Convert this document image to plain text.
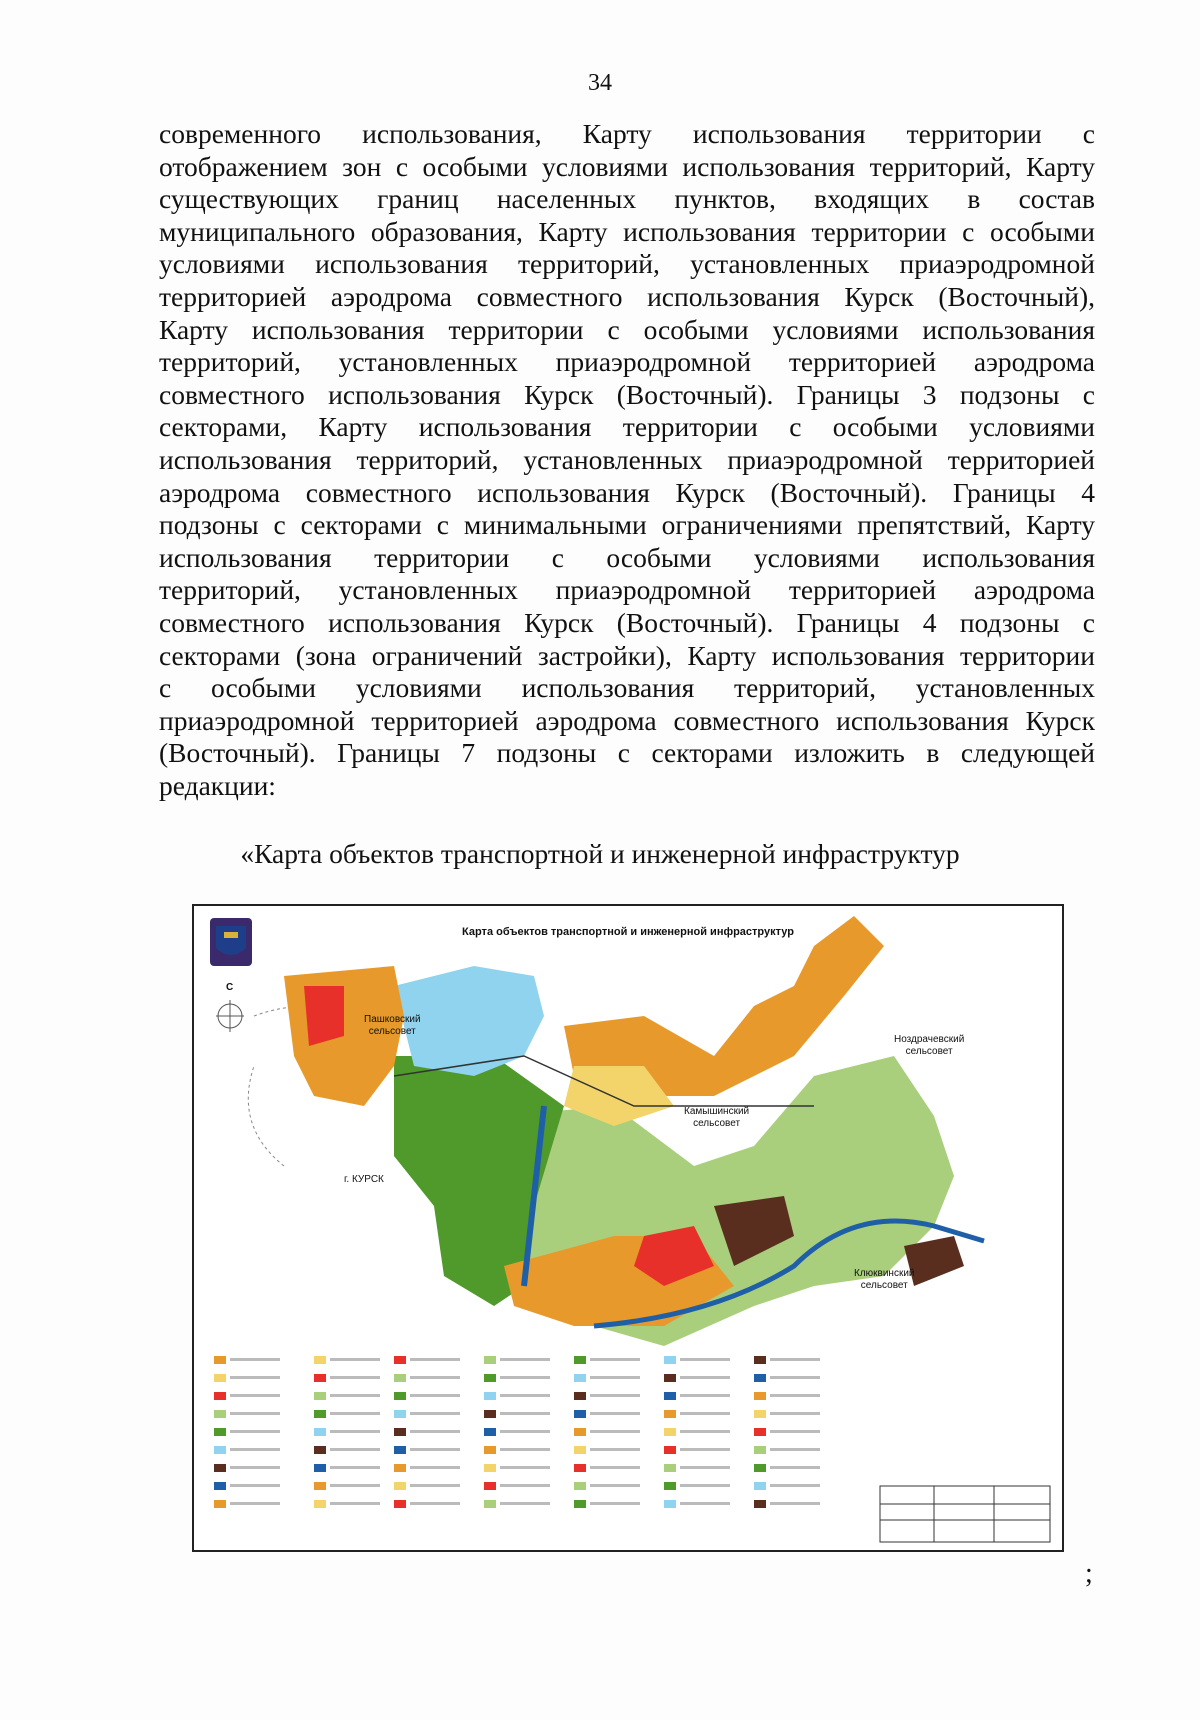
34
современного использования, Карту использования территории с
отображением зон с особыми условиями использования территорий, Карту
существующих границ населенных пунктов, входящих в состав
муниципального образования, Карту использования территории с особыми
условиями использования территорий, установленных приаэродромной
территорией аэродрома совместного использования Курск (Восточный),
Карту использования территории с особыми условиями использования
территорий, установленных приаэродромной территорией аэродрома
совместного использования Курск (Восточный). Границы 3 подзоны с
секторами, Карту использования территории с особыми условиями
использования территорий, установленных приаэродромной территорией
аэродрома совместного использования Курск (Восточный). Границы 4
подзоны с секторами с минимальными ограничениями препятствий, Карту
использования территории с особыми условиями использования
территорий, установленных приаэродромной территорией аэродрома
совместного использования Курск (Восточный). Границы 4 подзоны с
секторами (зона ограничений застройки), Карту использования территории
с особыми условиями использования территорий, установленных
приаэродромной территорией аэродрома совместного использования Курск
(Восточный). Границы 7 подзоны с секторами изложить в следующей
редакции:
«Карта объектов транспортной и инженерной инфраструктур
Карта объектов транспортной и инженерной инфраструктур
С
Пашковский
сельсовет
г. КУРСК
Камышинский
сельсовет
Ноздрачевский
сельсовет
Клюквинский
сельсовет
;
